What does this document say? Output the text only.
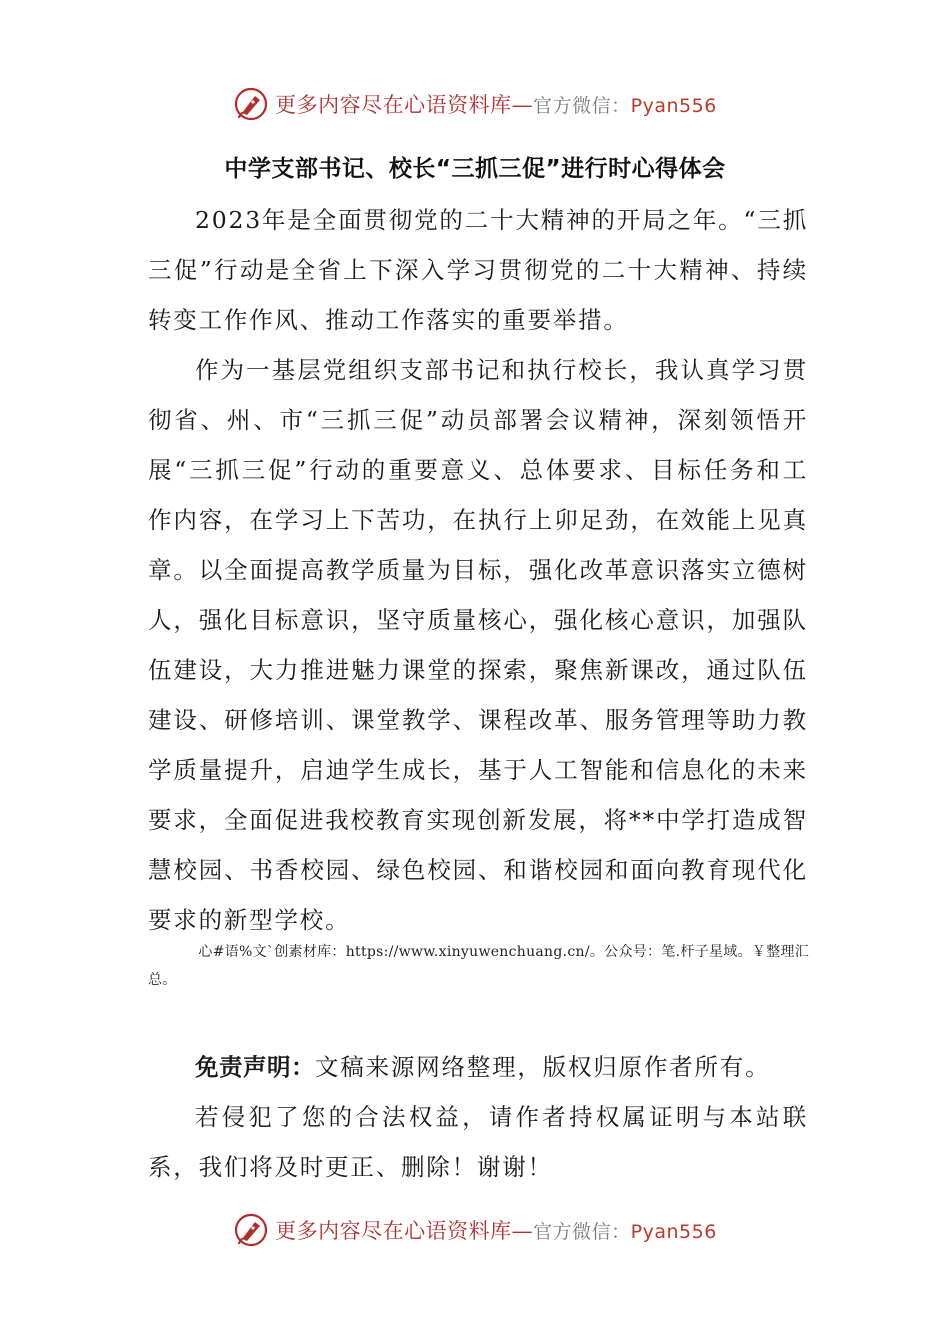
更多内容尽在心语资料库—官方微信：Pyan556
中学支部书记、校长“三抓三促”进行时心得体会

2023年是全面贯彻党的二十大精神的开局之年。“三抓三促”行动是全省上下深入学习贯彻党的二十大精神、持续转变工作作风、推动工作落实的重要举措。

作为一基层党组织支部书记和执行校长，我认真学习贯彻省、州、市“三抓三促”动员部署会议精神，深刻领悟开展“三抓三促”行动的重要意义、总体要求、目标任务和工作内容，在学习上下苦功，在执行上卯足劲，在效能上见真章。以全面提高教学质量为目标，强化改革意识落实立德树人，强化目标意识，坚守质量核心，强化核心意识，加强队伍建设，大力推进魅力课堂的探索，聚焦新课改，通过队伍建设、研修培训、课堂教学、课程改革、服务管理等助力教学质量提升，启迪学生成长，基于人工智能和信息化的未来要求，全面促进我校教育实现创新发展，将**中学打造成智慧校园、书香校园、绿色校园、和谐校园和面向教育现代化要求的新型学校。

心#语%文`创素材库：https://www.xinyuwenchuang.cn/。公众号：笔.杆子星域。￥整理汇总。

免责声明：文稿来源网络整理，版权归原作者所有。

若侵犯了您的合法权益，请作者持权属证明与本站联系，我们将及时更正、删除！谢谢！

更多内容尽在心语资料库—官方微信：Pyan556
